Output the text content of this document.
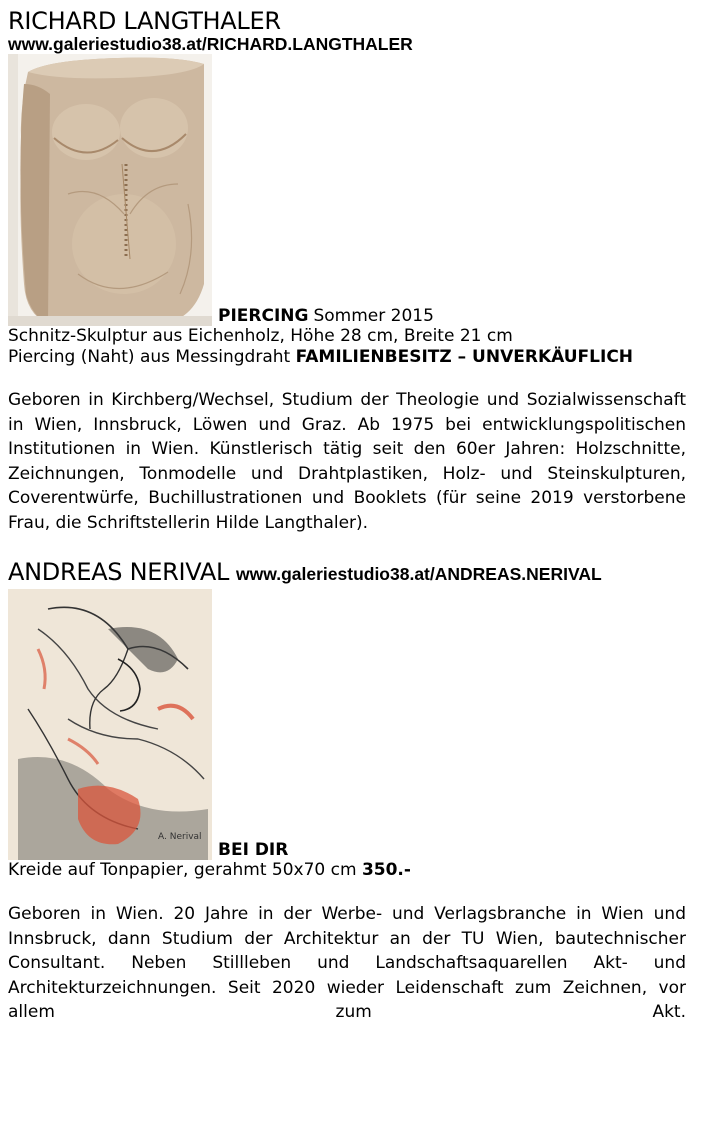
RICHARD LANGTHALER
www.galeriestudio38.at/RICHARD.LANGTHALER
PIERCING Sommer 2015

Schnitz-Skulptur aus Eichenholz, Höhe 28 cm, Breite 21 cm

Piercing (Naht) aus Messingdraht FAMILIENBESITZ – UNVERKÄUFLICH

Geboren in Kirchberg/Wechsel, Studium der Theologie und Sozialwissenschaft in Wien, Innsbruck, Löwen und Graz. Ab 1975 bei entwicklungspolitischen Institutionen in Wien. Künstlerisch tätig seit den 60er Jahren: Holzschnitte, Zeichnungen, Tonmodelle und Drahtplastiken, Holz- und Steinskulpturen, Coverentwürfe, Buchillustrationen und Booklets (für seine 2019 verstorbene Frau, die Schriftstellerin Hilde Langthaler).

ANDREAS NERIVAL www.galeriestudio38.at/ANDREAS.NERIVAL
A. Nerival
BEI DIR

Kreide auf Tonpapier, gerahmt 50x70 cm 350.-

Geboren in Wien. 20 Jahre in der Werbe- und Verlagsbranche in Wien und Innsbruck, dann Studium der Architektur an der TU Wien, bautechnischer Consultant. Neben Stillleben und Landschaftsaquarellen Akt- und Architekturzeichnungen. Seit 2020 wieder Leidenschaft zum Zeichnen, vor allem zum Akt.
